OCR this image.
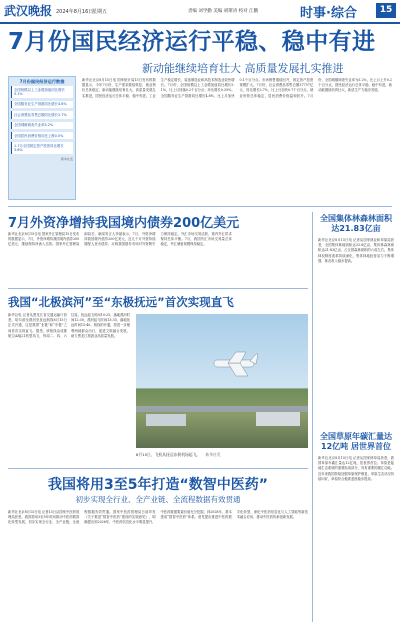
武汉晚报 2024年8月16日
星期五	责编 刘学勤 美编 胡斯涛 校对 江鹏	时事·综合	15
7月份国民经济运行平稳、稳中有进
新动能继续培育壮大 高质量发展扎实推进
7月份国民经济运行数据
全国规模以上工业增加值同比增长5.1%
全国服务业生产指数同比增长4.8%
社会消费品零售总额同比增长2.7%
全国城镇调查失业率5.2%
全国居民消费价格同比上涨0.5%
1-7月全国固定资产投资同比增长3.6%
新华社发
新华社北京8月15日电 国家统计局15日发布的数据显示，今年7月份，生产需求继续恢复，就业物价总体稳定，新动能继续培育壮大，高质量发展扎实推进，国民经济运行总体平稳、稳中有进。工业生产稳定增长，装备制造业和高技术制造业较快增长。7月份，全国规模以上工业增加值同比增长5.1%，比上月回落0.2个百分点；环比增长0.35%。全国服务业生产指数同比增长4.8%，比上月加快0.1个百分点。市场销售继续回升，固定资产投资规模扩大。7月份，社会消费品零售总额37757亿元，同比增长2.7%，比上月加快0.7个百分点。就业形势总体稳定，居民消费价格温和回升。7月份，全国城镇调查失业率为5.2%，比上月上升0.2个百分点。国民经济运行总体平稳、稳中有进，新动能继续培育壮大，新质生产力稳步发展。
7月外资净增持我国境内债券200亿美元
新华社北京8月15日电 国家外汇管理局15日发布的数据显示，7月，外资净增持我国境内债券200亿美元，继续保持净流入态势。国家外汇管理局副局长、新闻发言人李斌表示，7月，外资净增持我国境内债券200亿美元，近几个月外资持续增配人民币债券，反映我国债券市场对外资吸引力保持稳定。外汇市场交易活跃，境内外汇供求保持总体平衡。7月，我国外汇市场交易量总体稳定，外汇储备规模保持稳定。
我国“北极滨河”至“东极抚远”首次实现直飞
新华社电 记者从黑龙江省交通运输厅获悉，哈尔滨至漠河至抚远航线8月15日正式开通，这是我国“北极”和“东极”之间首次实现直飞。据悉，该航线由成都航空ARJ21机型执飞，每周二、四、六往返，抚远起飞时间10:25，落地漠河时间12:30，漠河起飞时间13:35，落地抚远时间15:40。航线的开通，将进一步便利两地群众出行，促进文旅融合发展，助力黑龙江旅游业高质量发展。
8月15日，飞机从抚远东极机场起飞。 新华社发
全国集体林森林面积达21.83亿亩
新华社北京8月15日电 记者从国家林业和草原局获悉，全国集体林地面积达33.8亿亩，集体林森林面积达21.83亿亩，占全国森林面积的六成左右。集体林权制度改革持续深化，集体林地经营活力不断增强，林农收入稳步提高。
全国草原年碳汇量达12亿吨 居世界首位
新华社北京8月15日电 记者从国家林草局获悉，我国草原年碳汇量达12亿吨，居世界首位。草原是陆地生态系统的重要组成部分，具有重要的碳汇功能。近年来我国持续加强草原保护修复，草原生态状况持续向好，草原综合植被盖度稳步提高。
我国将用3至5年打造“数智中医药”
初步实现全行业、全产业链、全流程数据有效贯通
新华社北京8月15日电 记者15日从国家中医药管理局获悉，我国将用3至5年时间推动中医药数智化转型发展，初步实现全行业、全产业链、全流程数据有效贯通。国家中医药管理局日前印发《关于推进“数智中医药”建设的实施意见》，明确提出到2026年，中医药信息化水平明显提升，中医药数据要素价值充分挖掘；到2028年，基本建成“数智中医药”体系。意见提出推进中医药数字化转型，深化中医药信息化与人工智能等新技术融合应用，推动中医药传承创新发展。
